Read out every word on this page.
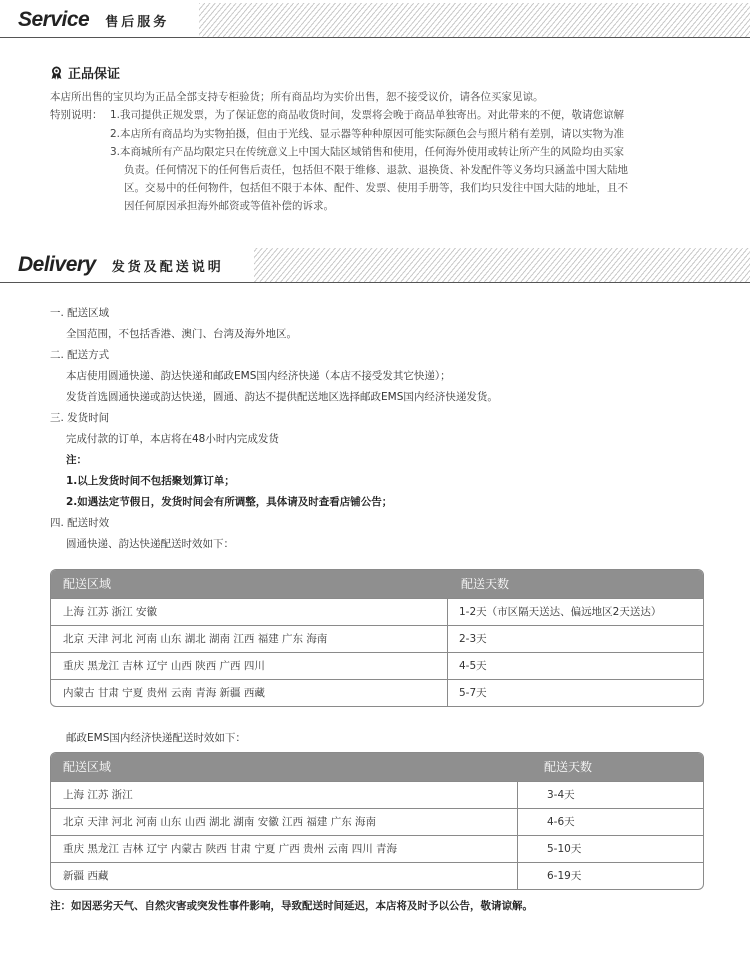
Service 售后服务
正品保证
本店所出售的宝贝均为正品全部支持专柜验货；所有商品均为实价出售，恕不接受议价，请各位买家见谅。
特别说明： 1.我司提供正规发票，为了保证您的商品收货时间，发票将会晚于商品单独寄出。对此带来的不便，敬请您谅解
2.本店所有商品均为实物拍摄，但由于光线、显示器等种种原因可能实际颜色会与照片稍有差别，请以实物为准
3.本商城所有产品均限定只在传统意义上中国大陆区域销售和使用，任何海外使用或转让所产生的风险均由买家
负责。任何情况下的任何售后责任，包括但不限于维修、退款、退换货、补发配件等义务均只涵盖中国大陆地
区。交易中的任何物件，包括但不限于本体、配件、发票、使用手册等，我们均只发往中国大陆的地址，且不
因任何原因承担海外邮资或等值补偿的诉求。
Delivery 发货及配送说明
一. 配送区域
全国范围，不包括香港、澳门、台湾及海外地区。
二. 配送方式
本店使用圆通快递、韵达快递和邮政EMS国内经济快递（本店不接受发其它快递）；
发货首选圆通快递或韵达快递，圆通、韵达不提供配送地区选择邮政EMS国内经济快递发货。
三. 发货时间
完成付款的订单，本店将在48小时内完成发货
注：
1.以上发货时间不包括聚划算订单；
2.如遇法定节假日，发货时间会有所调整，具体请及时查看店铺公告；
四. 配送时效
圆通快递、韵达快递配送时效如下：
配送区域	配送天数
上海 江苏 浙江 安徽	1-2天（市区隔天送达、偏远地区2天送达）
北京 天津 河北 河南 山东 湖北 湖南 江西 福建 广东 海南	2-3天
重庆 黑龙江 吉林 辽宁 山西 陕西 广西 四川	4-5天
内蒙古 甘肃 宁夏 贵州 云南 青海 新疆 西藏	5-7天
邮政EMS国内经济快递配送时效如下：
配送区域	配送天数
上海 江苏 浙江	3-4天
北京 天津 河北 河南 山东 山西 湖北 湖南 安徽 江西 福建 广东 海南	4-6天
重庆 黑龙江 吉林 辽宁 内蒙古 陕西 甘肃 宁夏 广西 贵州 云南 四川 青海	5-10天
新疆 西藏	6-19天
注：如因恶劣天气、自然灾害或突发性事件影响，导致配送时间延迟，本店将及时予以公告，敬请谅解。
